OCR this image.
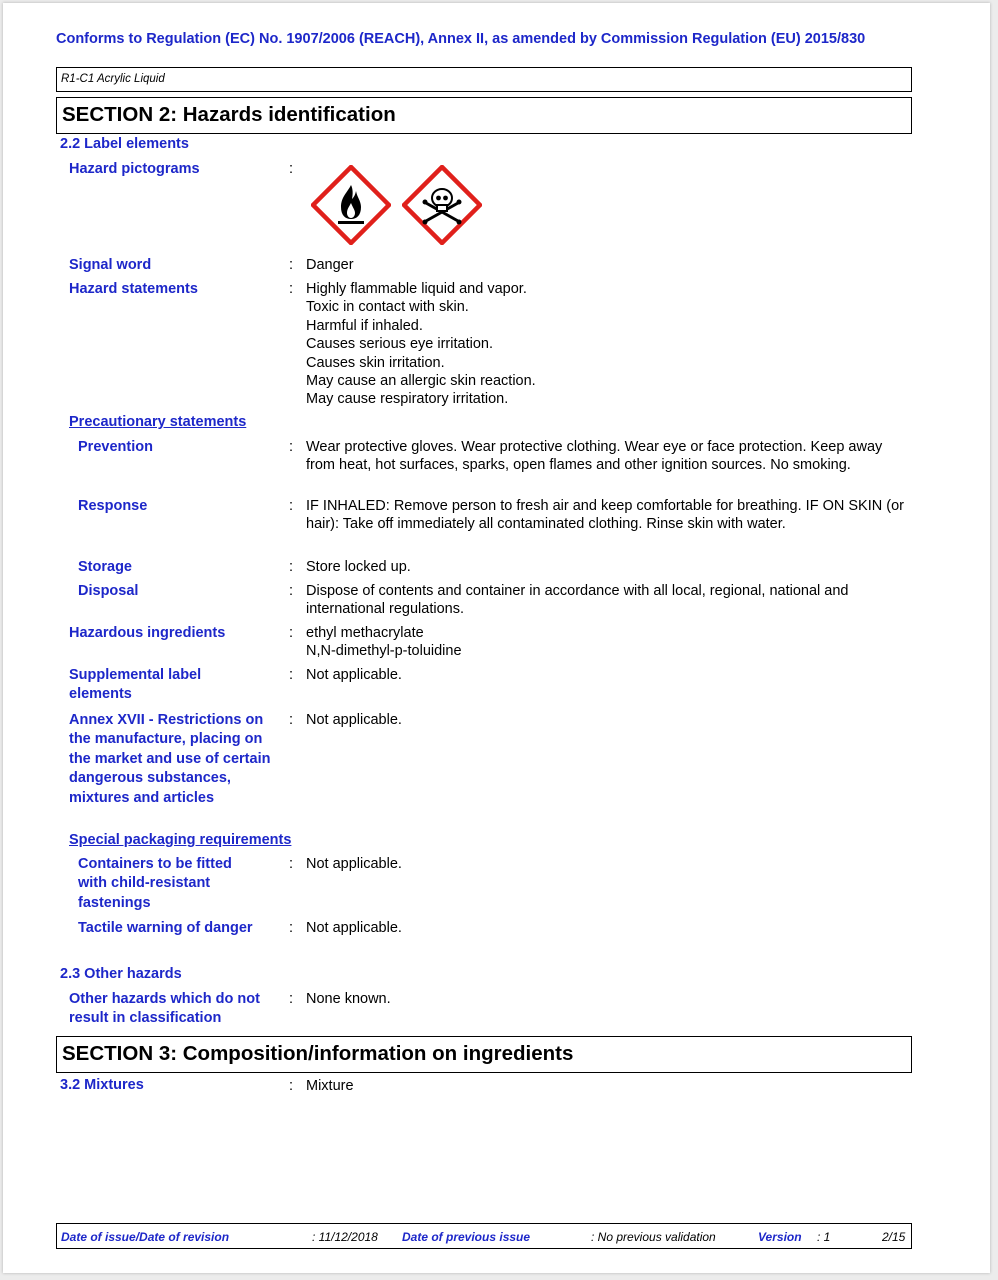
Conforms to Regulation (EC) No. 1907/2006 (REACH), Annex II, as amended by Commission Regulation (EU) 2015/830
R1-C1 Acrylic Liquid
SECTION 2: Hazards identification
2.2 Label elements
Hazard pictograms	:
Signal word	: Danger
Hazard statements	: Highly flammable liquid and vapor.
Toxic in contact with skin.
Harmful if inhaled.
Causes serious eye irritation.
Causes skin irritation.
May cause an allergic skin reaction.
May cause respiratory irritation.
Precautionary statements
Prevention	: Wear protective gloves. Wear protective clothing. Wear eye or face protection. Keep away from heat, hot surfaces, sparks, open flames and other ignition sources. No smoking.
Response	: IF INHALED: Remove person to fresh air and keep comfortable for breathing. IF ON SKIN (or hair): Take off immediately all contaminated clothing. Rinse skin with water.
Storage	: Store locked up.
Disposal	: Dispose of contents and container in accordance with all local, regional, national and international regulations.
Hazardous ingredients	: ethyl methacrylate
N,N-dimethyl-p-toluidine
Supplemental label elements
: Not applicable.
Annex XVII - Restrictions on the manufacture, placing on the market and use of certain dangerous substances, mixtures and articles
: Not applicable.
Special packaging requirements
Containers to be fitted with child-resistant fastenings
: Not applicable.
Tactile warning of danger	: Not applicable.
2.3 Other hazards
Other hazards which do not result in classification
: None known.
SECTION 3: Composition/information on ingredients
3.2 Mixtures	: Mixture
Date of issue/Date of revision	: 11/12/2018 Date of previous issue	: No previous validation	Version : 1	2/15
